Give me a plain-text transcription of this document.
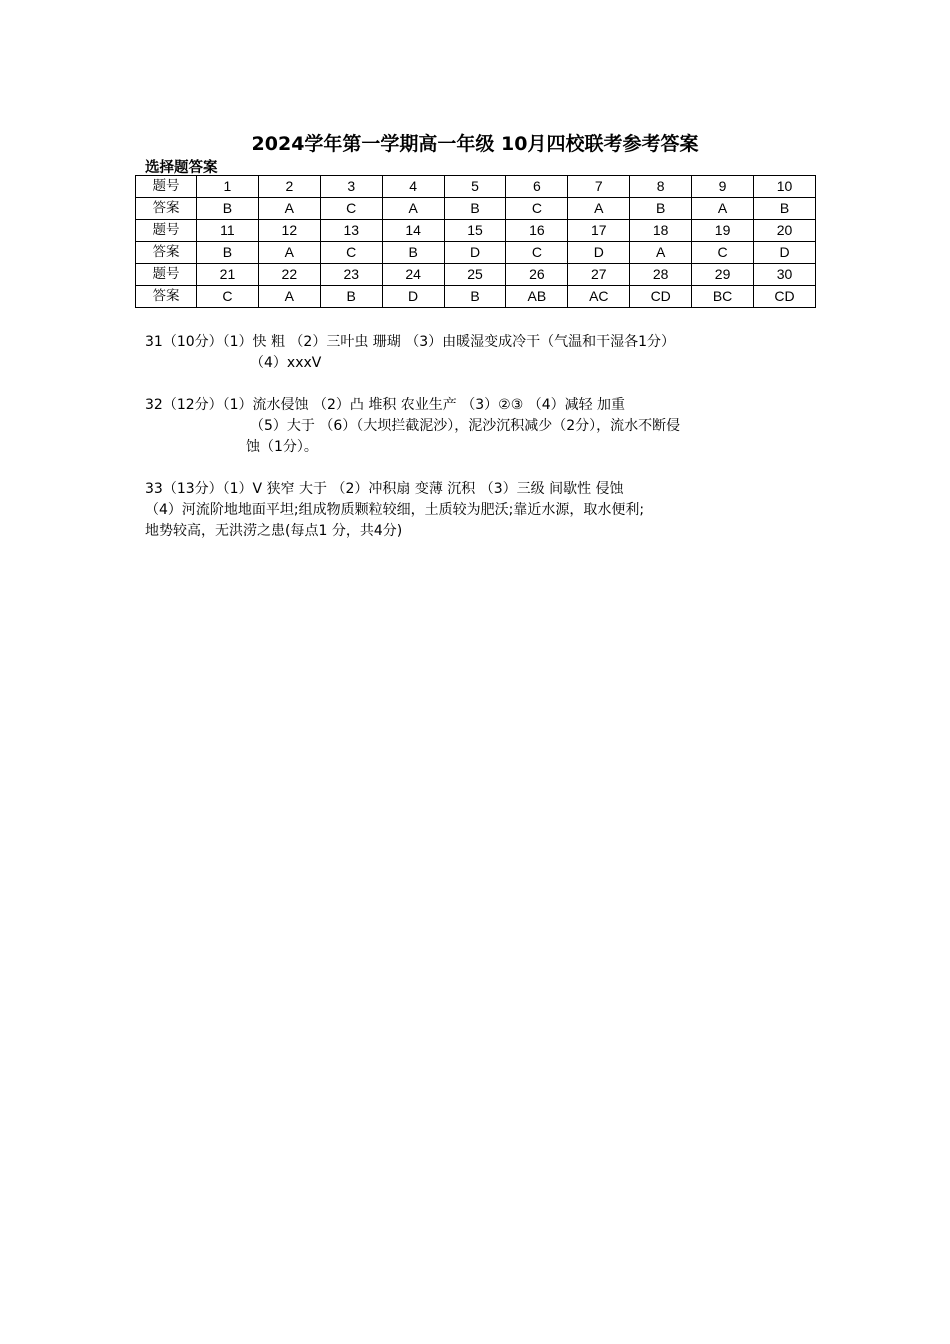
2024学年第一学期高一年级 10月四校联考参考答案
选择题答案
题号	1	2	3	4	5	6	7	8	9	10
答案	B	A	C	A	B	C	A	B	A	B
题号	11	12	13	14	15	16	17	18	19	20
答案	B	A	C	B	D	C	D	A	C	D
题号	21	22	23	24	25	26	27	28	29	30
答案	C	A	B	D	B	AB	AC	CD	BC	CD
31（10分）（1）快 粗 （2）三叶虫 珊瑚 （3）由暖湿变成冷干（气温和干湿各1分）
（4）xxxV
32（12分）（1）流水侵蚀 （2）凸 堆积 农业生产 （3）②③ （4）减轻 加重
（5）大于 （6）（大坝拦截泥沙），泥沙沉积减少（2分），流水不断侵
蚀（1分）。
33（13分）（1）V 狭窄 大于 （2）冲积扇 变薄 沉积 （3）三级 间歇性 侵蚀
（4）河流阶地地面平坦;组成物质颗粒较细，土质较为肥沃;靠近水源，取水便利;
地势较高，无洪涝之患(每点1 分，共4分)
